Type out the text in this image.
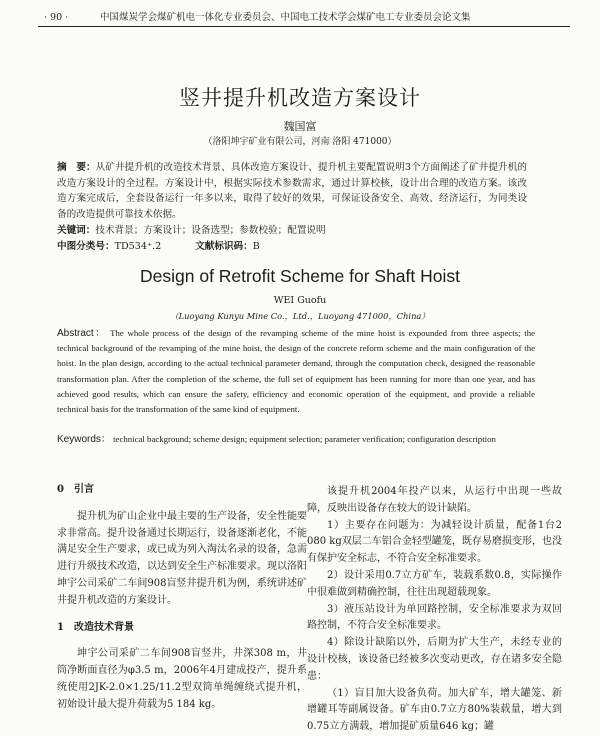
· 90 ·	中国煤炭学会煤矿机电一体化专业委员会、中国电工技术学会煤矿电工专业委员会论文集
竖井提升机改造方案设计
魏国富
（洛阳坤宇矿业有限公司，河南 洛阳 471000）
摘　要：从矿井提升机的改造技术背景、具体改造方案设计、提升机主要配置说明3个方面阐述了矿井提升机的改造方案设计的全过程。方案设计中，根据实际技术参数需求，通过计算校核，设计出合理的改造方案。该改造方案完成后，全套设备运行一年多以来，取得了较好的效果，可保证设备安全、高效、经济运行，为同类设备的改造提供可靠技术依据。
关键词：技术背景；方案设计；设备选型；参数校验；配置说明
中图分类号：TD534⁺.2	文献标识码：B
Design of Retrofit Scheme for Shaft Hoist
WEI Guofu
（Luoyang Kunyu Mine Co.，Ltd.，Luoyang 471000，China）
Abstract： The whole process of the design of the revamping scheme of the mine hoist is expounded from three aspects; the technical background of the revamping of the mine hoist, the design of the concrete reform scheme and the main configuration of the hoist. In the plan design, according to the actual technical parameter demand, through the computation check, designed the reasonable transformation plan. After the completion of the scheme, the full set of equipment has been running for more than one year, and has achieved good results, which can ensure the safety, efficiency and economic operation of the equipment, and provide a reliable technical basis for the transformation of the same kind of equipment.
Keywords： technical background; scheme design; equipment selection; parameter verification; configuration description
0　引言

提升机为矿山企业中最主要的生产设备，安全性能要求非常高。提升设备通过长期运行，设备逐渐老化，不能满足安全生产要求，或已成为列入淘汰名录的设备，急需进行升级技术改造，以达到安全生产标准要求。现以洛阳坤宇公司采矿二车间908盲竖井提升机为例，系统讲述矿井提升机改造的方案设计。

1　改造技术背景

坤宇公司采矿二车间908盲竖井，井深308 m，井筒净断面直径为φ3.5 m，2006年4月建成投产，提升系统使用2JK-2.0×1.25/11.2型双筒单绳缠绕式提升机，初始设计最大提升荷载为5 184 kg。

该提升机2004年投产以来，从运行中出现一些故障，反映出设备存在较大的设计缺陷。

1）主要存在问题为：为减轻设计质量，配备1台2 080 kg双层二车铝合金轻型罐笼，既存易磨损变形，也没有保护安全标志，不符合安全标准要求。

2）设计采用0.7立方矿车，装载系数0.8，实际操作中很难做到精确控制，往往出现超载现象。

3）液压站设计为单回路控制，安全标准要求为双回路控制，不符合安全标准要求。

4）除设计缺陷以外，后期为扩大生产，未经专业的设计校核，该设备已经被多次变动更改，存在诸多安全隐患：

（1）盲目加大设备负荷。加大矿车，增大罐笼、新增罐耳等副属设备。矿车由0.7立方80%装载量，增大到0.75立方满载，增加提矿质量646 kg；罐
